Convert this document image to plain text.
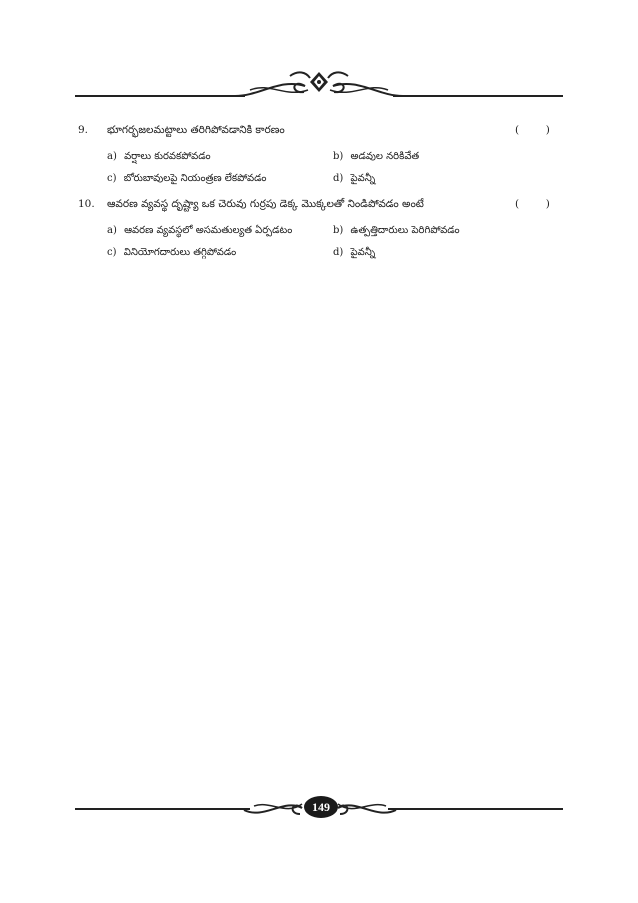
9. భూగర్భజలమట్టాలు తరిగిపోవడానికి కారణం	(        )
a) వర్షాలు కురవకపోవడం	b) అడవుల నరికివేత
c) బోరుబావులపై నియంత్రణ లేకపోవడం	d) పైవన్నీ
10. ఆవరణ వ్యవస్థ దృష్ట్యా ఒక చెరువు గుర్రపు డెక్క మొక్కలతో నిండిపోవడం అంటే	(        )
a) ఆవరణ వ్యవస్థలో అసమతుల్యత ఏర్పడటం	b) ఉత్పత్తిదారులు పెరిగిపోవడం
c) వినియోగదారులు తగ్గిపోవడం	d) పైవన్నీ
149
